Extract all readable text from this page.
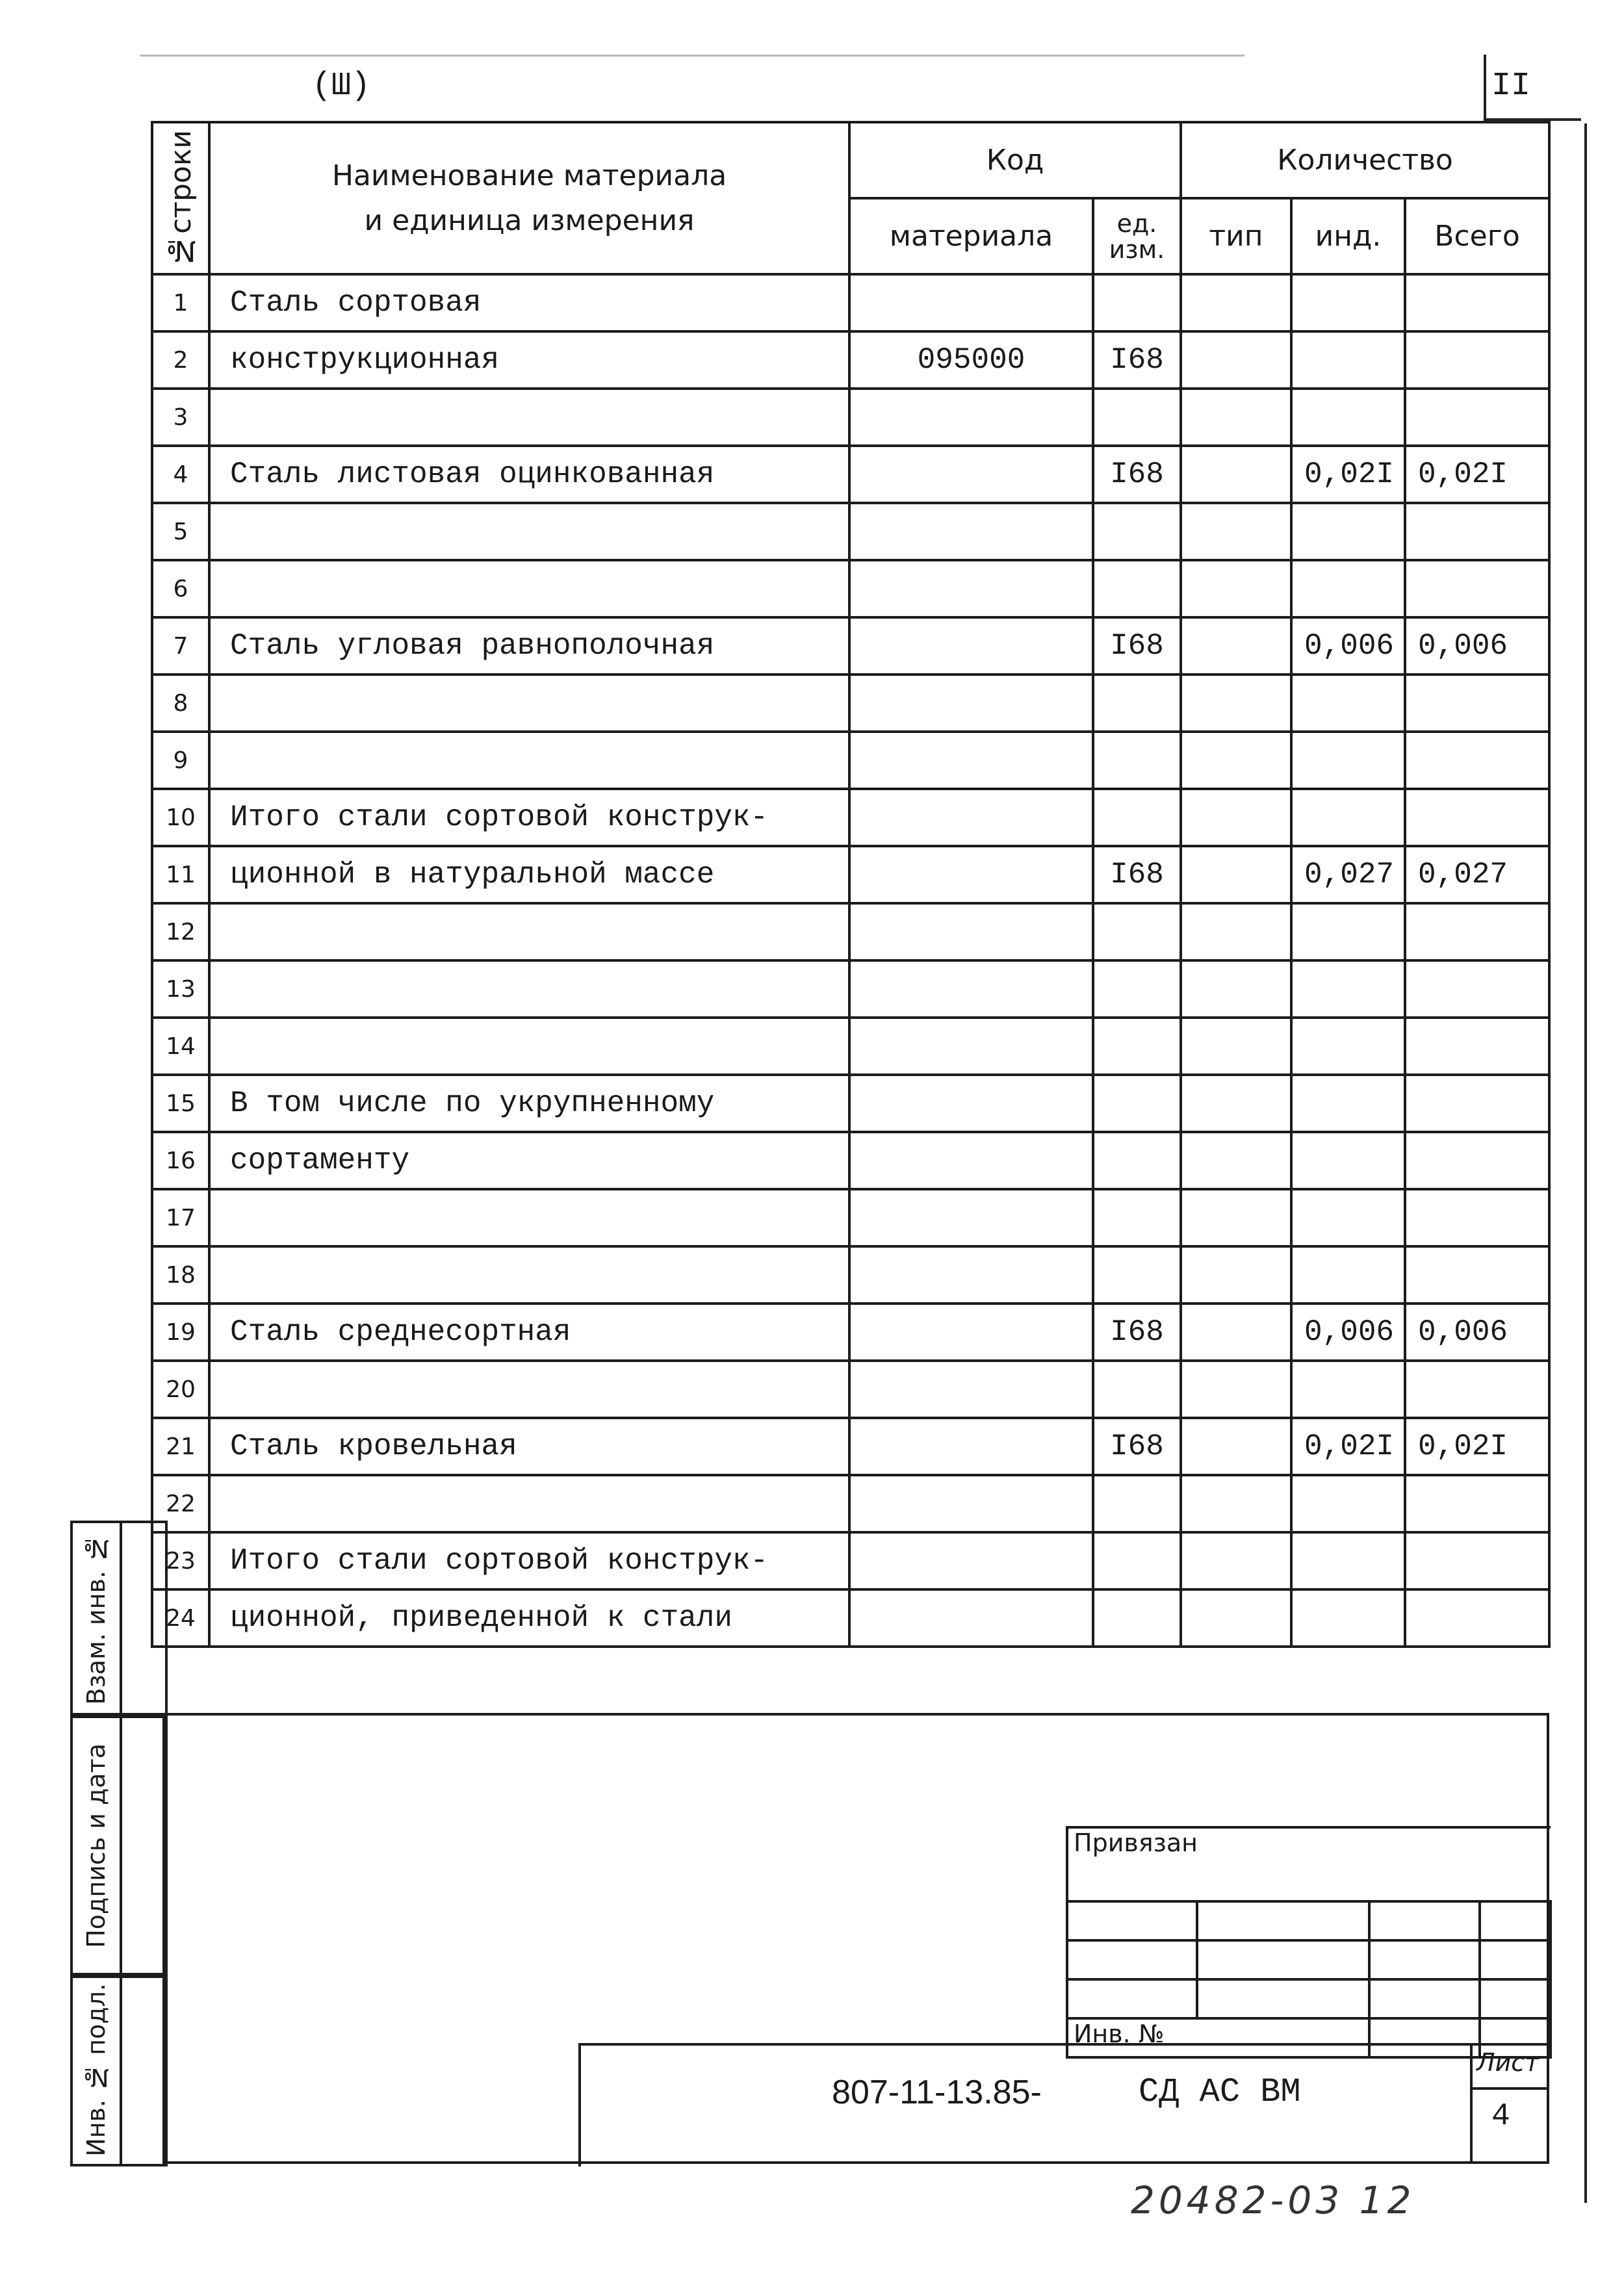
(Ш)	II
№строки	Наименование материала
и единица измерения	Код		Количество		
		материала	ед. изм.	тип	инд.	Всего
1	Сталь сортовая					
2	конструкционная	095000	I68			
3						
4	Сталь листовая оцинкованная		I68		0,02I	0,02I
5						
6						
7	Сталь угловая равнополочная		I68		0,006	0,006
8						
9						
10	Итого стали сортовой конструк-					
11	ционной в натуральной массе		I68		0,027	0,027
12						
13						
14						
15	В том числе по укрупненному					
16	сортаменту					
17						
18						
19	Сталь среднесортная		I68		0,006	0,006
20						
21	Сталь кровельная		I68		0,02I	0,02I
22						
23	Итого стали сортовой конструк-					
24	ционной, приведенной к стали					
Взам. инв. №
Подпись и дата
Инв. № подл.
Привязан			

Инв. №			
807-11-13.85-	СД АС ВМ
Лист
4
20482-03 12
